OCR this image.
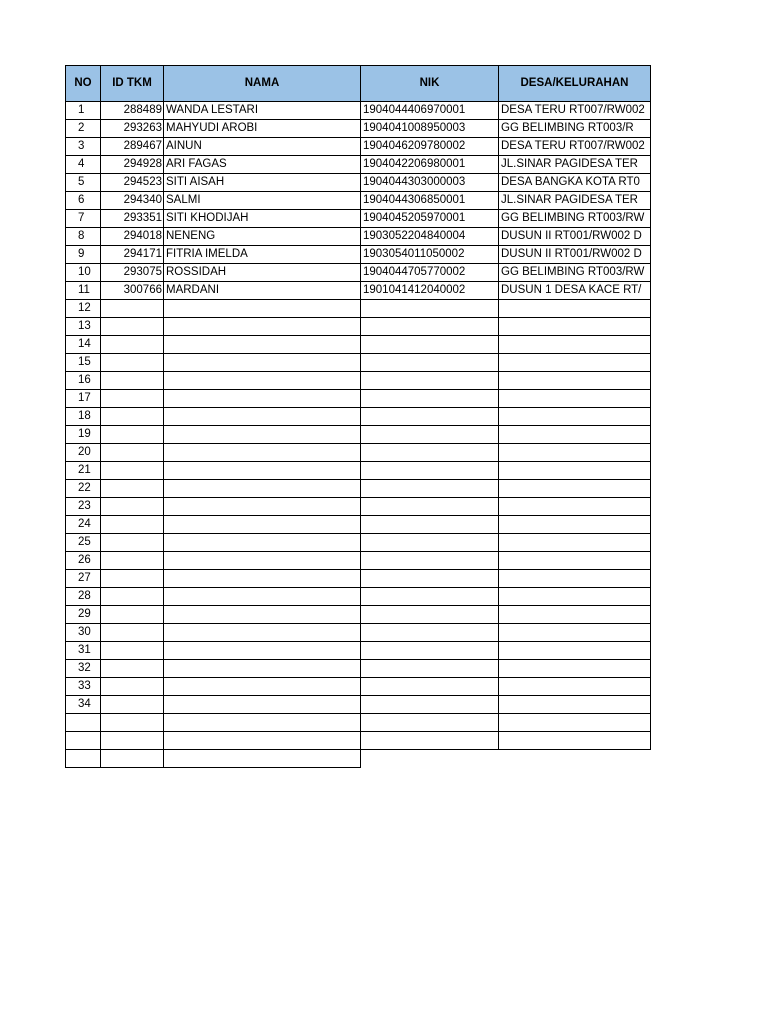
NO	ID TKM	NAMA	NIK	DESA/KELURAHAN
1	288489	WANDA LESTARI	1904044406970001	DESA TERU RT007/RW002
2	293263	MAHYUDI AROBI	1904041008950003	GG BELIMBING RT003/R
3	289467	AINUN	1904046209780002	DESA TERU RT007/RW002
4	294928	ARI FAGAS	1904042206980001	JL.SINAR PAGIDESA TER
5	294523	SITI AISAH	1904044303000003	DESA BANGKA KOTA RT0
6	294340	SALMI	1904044306850001	JL.SINAR PAGIDESA TER
7	293351	SITI KHODIJAH	1904045205970001	GG BELIMBING RT003/RW
8	294018	NENENG	1903052204840004	DUSUN II RT001/RW002 D
9	294171	FITRIA IMELDA	1903054011050002	DUSUN II RT001/RW002 D
10	293075	ROSSIDAH	1904044705770002	GG BELIMBING RT003/RW
11	300766	MARDANI	1901041412040002	DUSUN 1 DESA KACE RT/
12				
13				
14				
15				
16				
17				
18				
19				
20				
21				
22				
23				
24				
25				
26				
27				
28				
29				
30				
31				
32				
33				
34				
